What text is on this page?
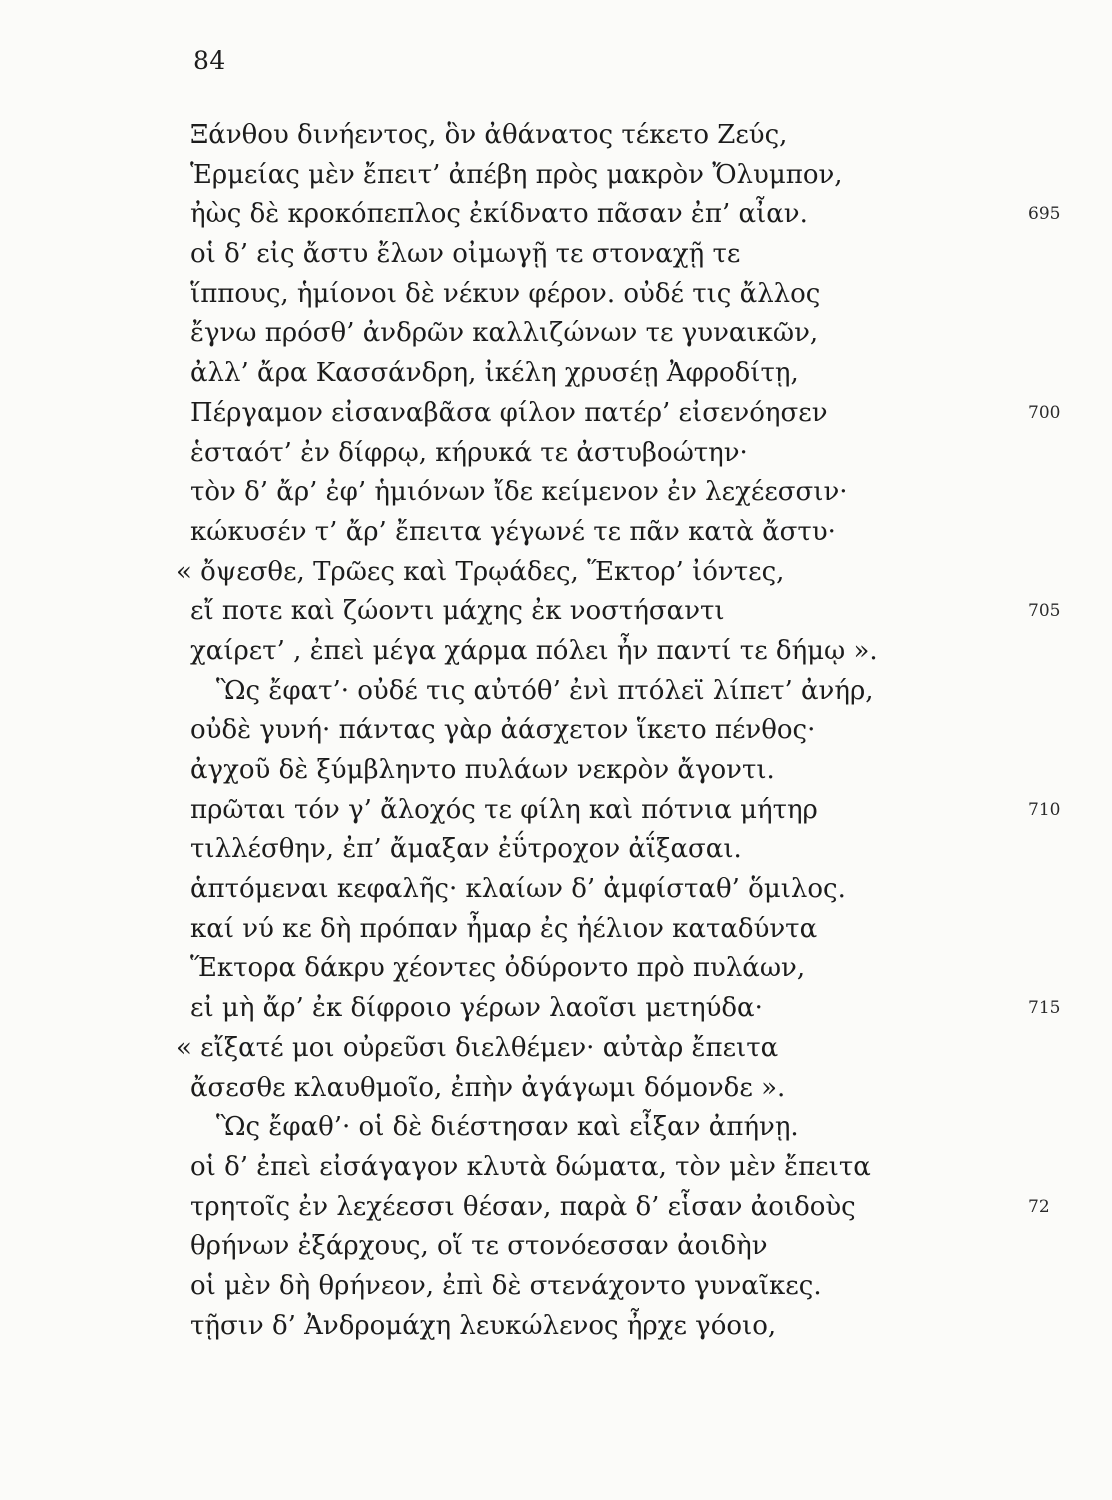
84
Ξάνθου δινήεντος, ὃν ἀθάνατος τέκετο Ζεύς,
Ἑρμείας μὲν ἔπειτ’ ἀπέβη πρὸς μακρὸν Ὄλυμπον,
ἠὼς δὲ κροκόπεπλος ἐκίδνατο πᾶσαν ἐπ’ αἶαν.	695
οἱ δ’ εἰς ἄστυ ἔλων οἰμωγῇ τε στοναχῇ τε
ἵππους, ἡμίονοι δὲ νέκυν φέρον. οὐδέ τις ἄλλος
ἔγνω πρόσθ’ ἀνδρῶν καλλιζώνων τε γυναικῶν,
ἀλλ’ ἄρα Κασσάνδρη, ἰκέλη χρυσέῃ Ἀφροδίτῃ,
Πέργαμον εἰσαναβᾶσα φίλον πατέρ’ εἰσενόησεν	700
ἑσταότ’ ἐν δίφρῳ, κήρυκά τε ἀστυβοώτην·
τὸν δ’ ἄρ’ ἐφ’ ἡμιόνων ἴδε κείμενον ἐν λεχέεσσιν·
κώκυσέν τ’ ἄρ’ ἔπειτα γέγωνέ τε πᾶν κατὰ ἄστυ·
« ὄψεσθε, Τρῶες καὶ Τρῳάδες, Ἕκτορ’ ἰόντες,
εἴ ποτε καὶ ζώοντι μάχης ἐκ νοστήσαντι	705
χαίρετ’ , ἐπεὶ μέγα χάρμα πόλει ἦν παντί τε δήμῳ ».
Ὣς ἔφατ’· οὐδέ τις αὐτόθ’ ἐνὶ πτόλεϊ λίπετ’ ἀνήρ,
οὐδὲ γυνή· πάντας γὰρ ἀάσχετον ἵκετο πένθος·
ἀγχοῦ δὲ ξύμβληντο πυλάων νεκρὸν ἄγοντι.
πρῶται τόν γ’ ἄλοχός τε φίλη καὶ πότνια μήτηρ	710
τιλλέσθην, ἐπ’ ἄμαξαν ἐΰτροχον ἀΐξασαι.
ἁπτόμεναι κεφαλῆς· κλαίων δ’ ἀμφίσταθ’ ὅμιλος.
καί νύ κε δὴ πρόπαν ἦμαρ ἐς ἠέλιον καταδύντα
Ἕκτορα δάκρυ χέοντες ὀδύροντο πρὸ πυλάων,
εἰ μὴ ἄρ’ ἐκ δίφροιο γέρων λαοῖσι μετηύδα·	715
« εἴξατέ μοι οὐρεῦσι διελθέμεν· αὐτὰρ ἔπειτα
ἄσεσθε κλαυθμοῖο, ἐπὴν ἀγάγωμι δόμονδε ».
Ὣς ἔφαθ’· οἱ δὲ διέστησαν καὶ εἶξαν ἀπήνῃ.
οἱ δ’ ἐπεὶ εἰσάγαγον κλυτὰ δώματα, τὸν μὲν ἔπειτα
τρητοῖς ἐν λεχέεσσι θέσαν, παρὰ δ’ εἷσαν ἀοιδοὺς	72
θρήνων ἐξάρχους, οἵ τε στονόεσσαν ἀοιδὴν
οἱ μὲν δὴ θρήνεον, ἐπὶ δὲ στενάχοντο γυναῖκες.
τῇσιν δ’ Ἀνδρομάχη λευκώλενος ἦρχε γόοιο,
